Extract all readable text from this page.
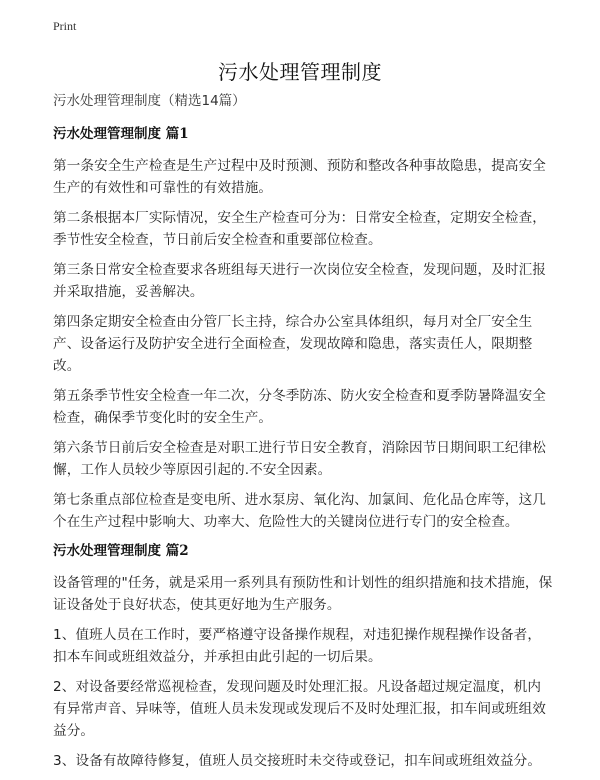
Print
污水处理管理制度

污水处理管理制度（精选14篇）

污水处理管理制度 篇1

第一条安全生产检查是生产过程中及时预测、预防和整改各种事故隐患，提高安全生产的有效性和可靠性的有效措施。

第二条根据本厂实际情况，安全生产检查可分为：日常安全检查，定期安全检查，季节性安全检查，节日前后安全检查和重要部位检查。

第三条日常安全检查要求各班组每天进行一次岗位安全检查，发现问题，及时汇报并采取措施，妥善解决。

第四条定期安全检查由分管厂长主持，综合办公室具体组织，每月对全厂安全生产、设备运行及防护安全进行全面检查，发现故障和隐患，落实责任人，限期整改。

第五条季节性安全检查一年二次，分冬季防冻、防火安全检查和夏季防暑降温安全检查，确保季节变化时的安全生产。

第六条节日前后安全检查是对职工进行节日安全教育，消除因节日期间职工纪律松懈，工作人员较少等原因引起的.不安全因素。

第七条重点部位检查是变电所、进水泵房、氧化沟、加氯间、危化品仓库等，这几个在生产过程中影响大、功率大、危险性大的关键岗位进行专门的安全检查。

污水处理管理制度 篇2

设备管理的"任务，就是采用一系列具有预防性和计划性的组织措施和技术措施，保证设备处于良好状态，使其更好地为生产服务。

1、值班人员在工作时，要严格遵守设备操作规程，对违犯操作规程操作设备者，扣本车间或班组效益分，并承担由此引起的一切后果。

2、对设备要经常巡视检查，发现问题及时处理汇报。凡设备超过规定温度，机内有异常声音、异味等，值班人员未发现或发现后不及时处理汇报，扣车间或班组效益分。

3、设备有故障待修复，值班人员交接班时未交待或登记，扣车间或班组效益分。
